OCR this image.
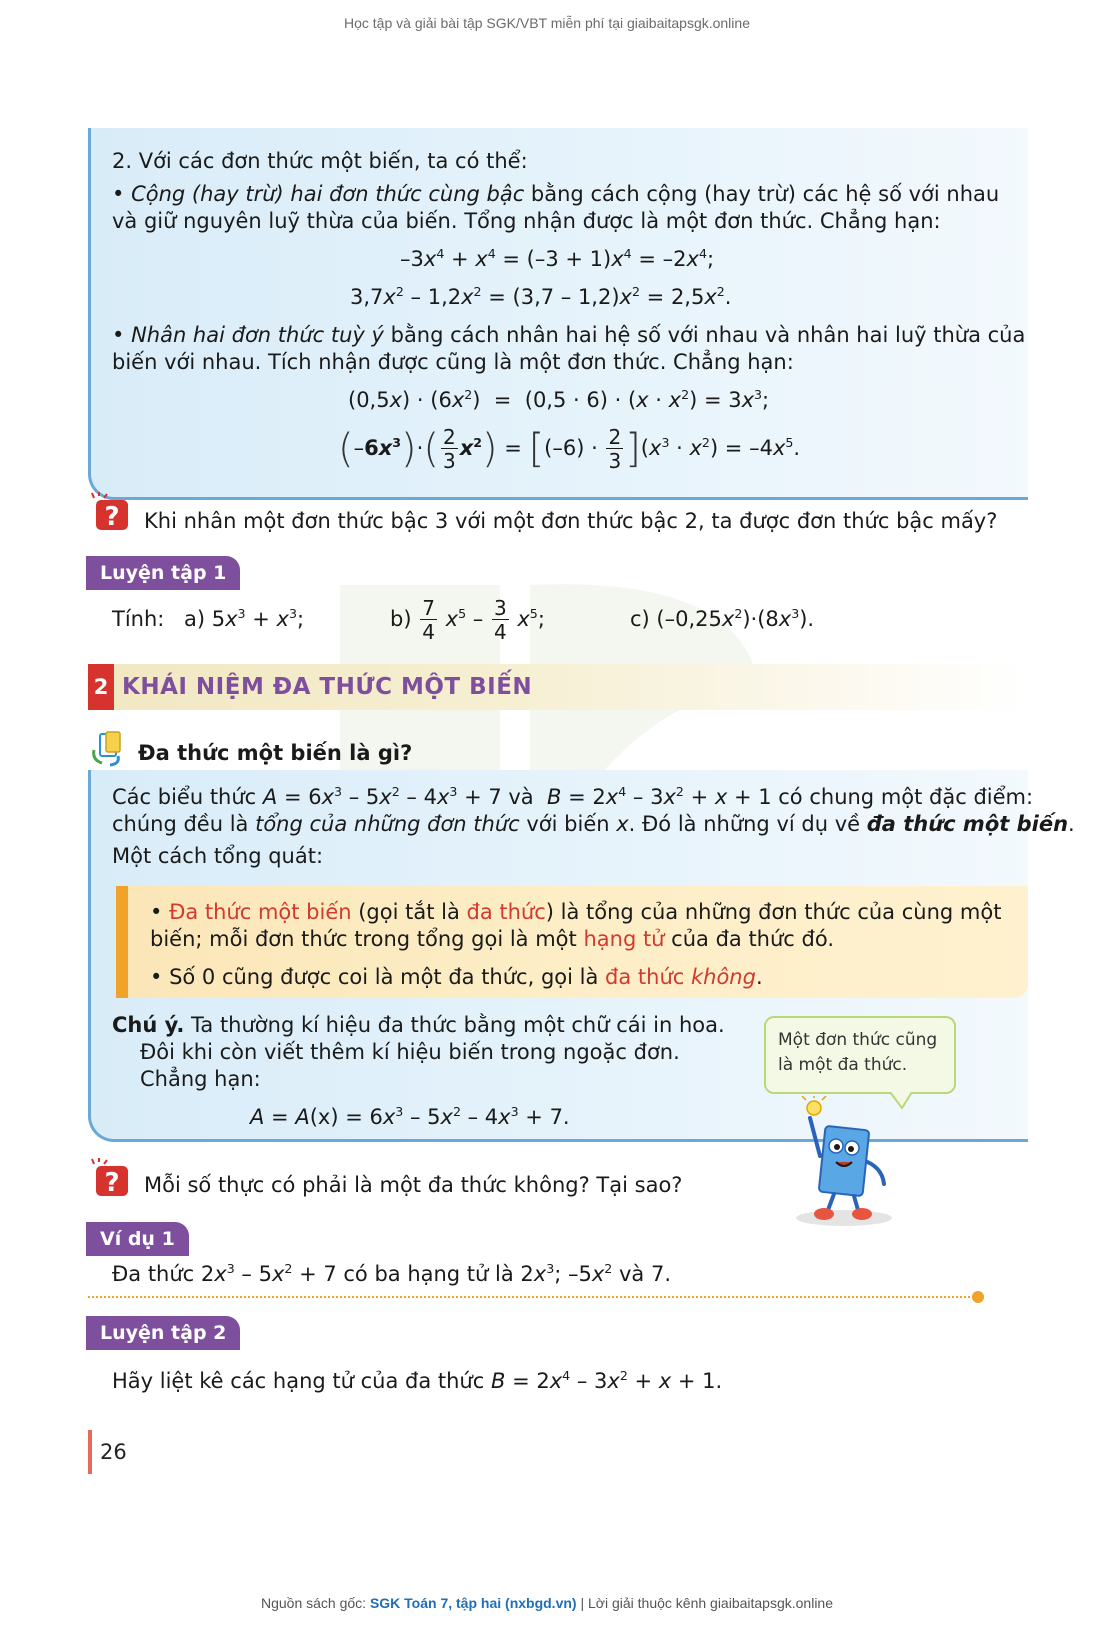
Học tập và giải bài tập SGK/VBT miễn phí tại giaibaitapsgk.online
2. Với các đơn thức một biến, ta có thể:
• Cộng (hay trừ) hai đơn thức cùng bậc bằng cách cộng (hay trừ) các hệ số với nhau
và giữ nguyên luỹ thừa của biến. Tổng nhận được là một đơn thức. Chẳng hạn:
$-3x^4 + x^4 = (-3 + 1)x^4 = -2x^4$;
$3,7x^2 - 1,2x^2 = (3,7 - 1,2)x^2 = 2,5x^2$.
• Nhân hai đơn thức tuỳ ý bằng cách nhân hai hệ số với nhau và nhân hai luỹ thừa của
biến với nhau. Tích nhận được cũng là một đơn thức. Chẳng hạn:
$(0,5x) \cdot (6x^2) = (0,5 \cdot 6) \cdot (x \cdot x^2) = 3x^3$;
$(-6x^3)\cdot( \frac{2}{3} x^2) = [(-6) \cdot \frac{2}{3} ](x^3 \cdot x^2) = -4x^5$.
? Khi nhân một đơn thức bậc 3 với một đơn thức bậc 2, ta được đơn thức bậc mấy?
Luyện tập 1
Tính: a) $5x^3 + x^3$;	$b) \frac{7}{4} x^5 - \frac{3}{4} x^5$;	c) $(-0,25x^2)\cdot(8x^3)$.
2 KHÁI NIỆM ĐA THỨC MỘT BIẾN
Đa thức một biến là gì?
Các biểu thức $A = 6x^3 - 5x^2 - 4x^3 + 7$ và  $B = 2x^4 - 3x^2 + x + 1$ có chung một đặc điểm:
chúng đều là tổng của những đơn thức với biến x. Đó là những ví dụ về đa thức một biến.
Một cách tổng quát:
• Đa thức một biến (gọi tắt là đa thức) là tổng của những đơn thức của cùng một
biến; mỗi đơn thức trong tổng gọi là một hạng tử của đa thức đó.
• Số 0 cũng được coi là một đa thức, gọi là đa thức không.
Chú ý. Ta thường kí hiệu đa thức bằng một chữ cái in hoa.
Đôi khi còn viết thêm kí hiệu biến trong ngoặc đơn.
Chẳng hạn:
$A = A(x) = 6x^3 - 5x^2 - 4x^3 + 7$.
Một đơn thức cũng là một đa thức.
? Mỗi số thực có phải là một đa thức không? Tại sao?
Ví dụ 1
Đa thức $2x^3 - 5x^2 + 7$ có ba hạng tử là $2x^3$; $-5x^2$ và 7.
Luyện tập 2
Hãy liệt kê các hạng tử của đa thức $B = 2x^4 - 3x^2 + x + 1$.
26
Nguồn sách gốc: SGK Toán 7, tập hai (nxbgd.vn) | Lời giải thuộc kênh giaibaitapsgk.online
